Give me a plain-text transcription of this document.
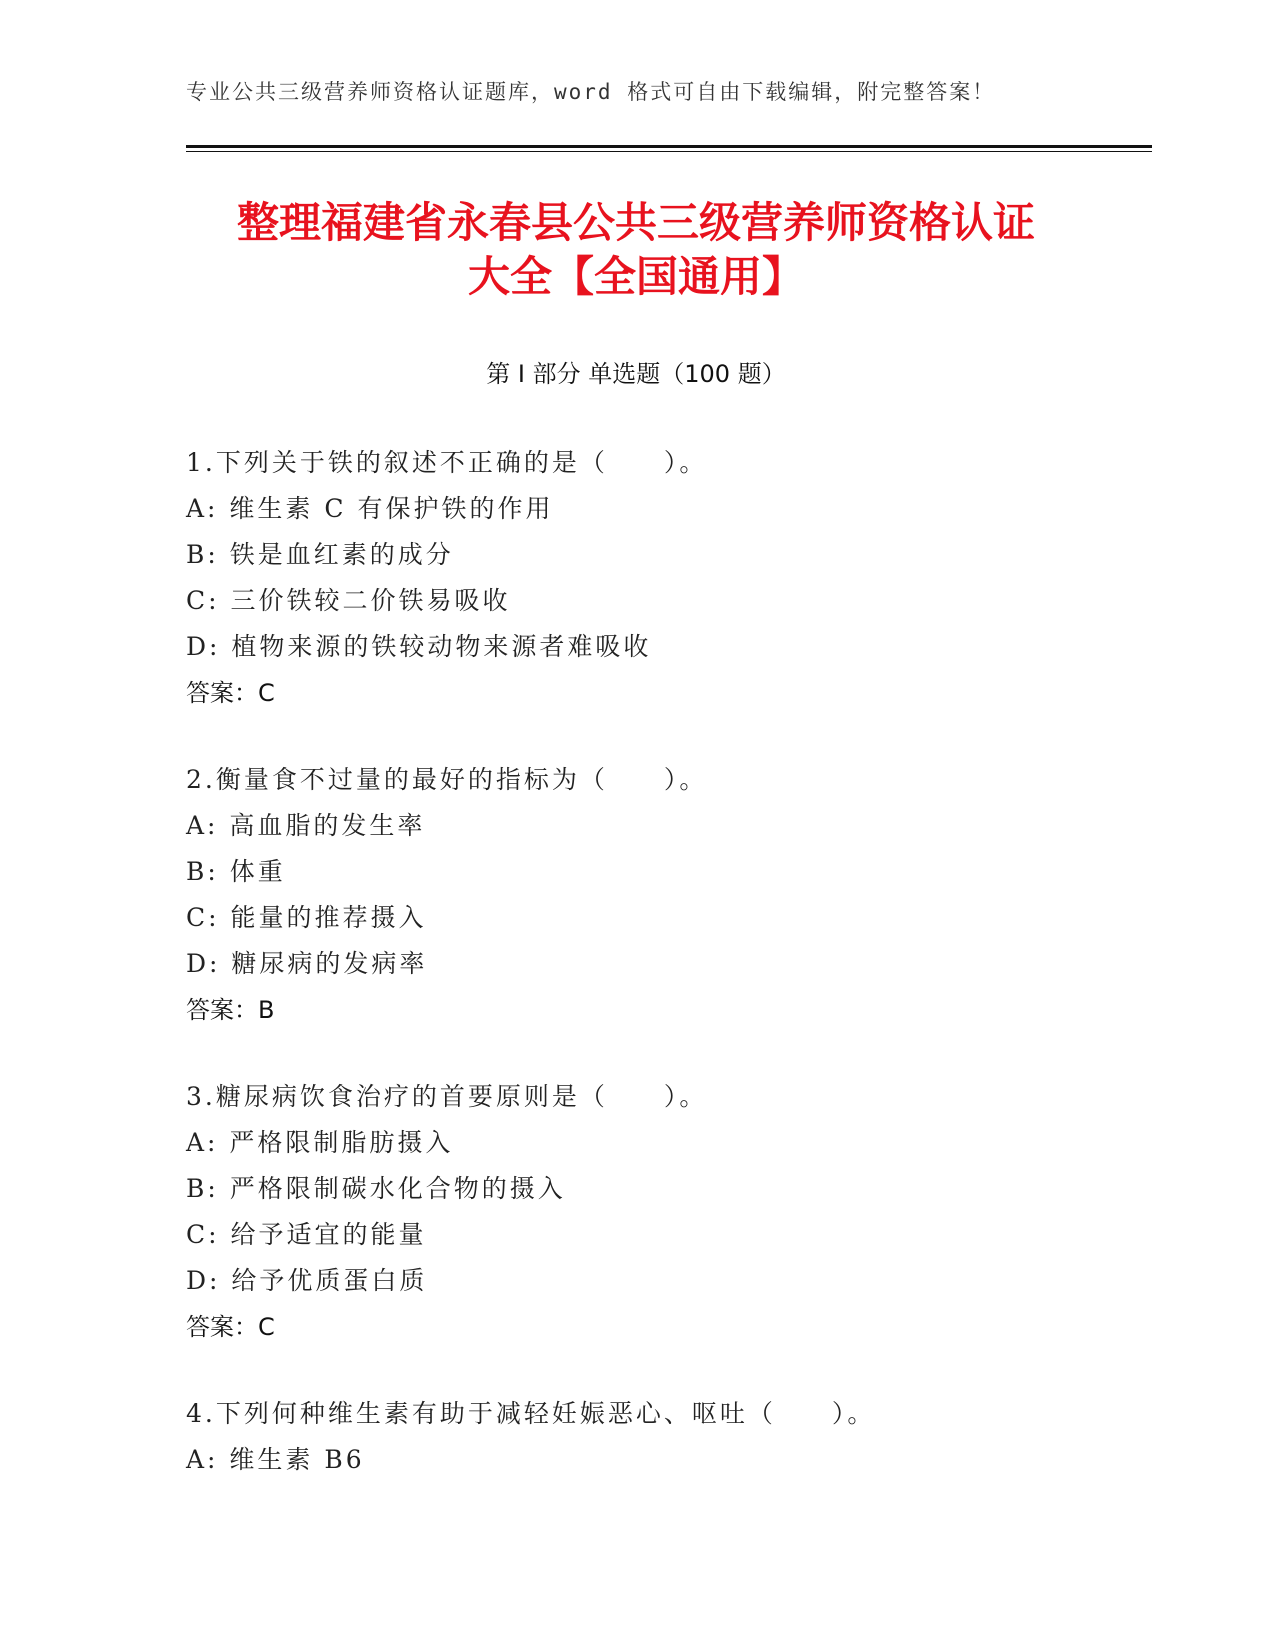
专业公共三级营养师资格认证题库，word 格式可自由下载编辑，附完整答案！
整理福建省永春县公共三级营养师资格认证
大全【全国通用】
第 I 部分 单选题（100 题）
1.下列关于铁的叙述不正确的是（　　）。
A: 维生素 C 有保护铁的作用
B: 铁是血红素的成分
C: 三价铁较二价铁易吸收
D: 植物来源的铁较动物来源者难吸收
答案：C
2.衡量食不过量的最好的指标为（　　）。
A: 高血脂的发生率
B: 体重
C: 能量的推荐摄入
D: 糖尿病的发病率
答案：B
3.糖尿病饮食治疗的首要原则是（　　）。
A: 严格限制脂肪摄入
B: 严格限制碳水化合物的摄入
C: 给予适宜的能量
D: 给予优质蛋白质
答案：C
4.下列何种维生素有助于减轻妊娠恶心、呕吐（　　）。
A: 维生素 B6
